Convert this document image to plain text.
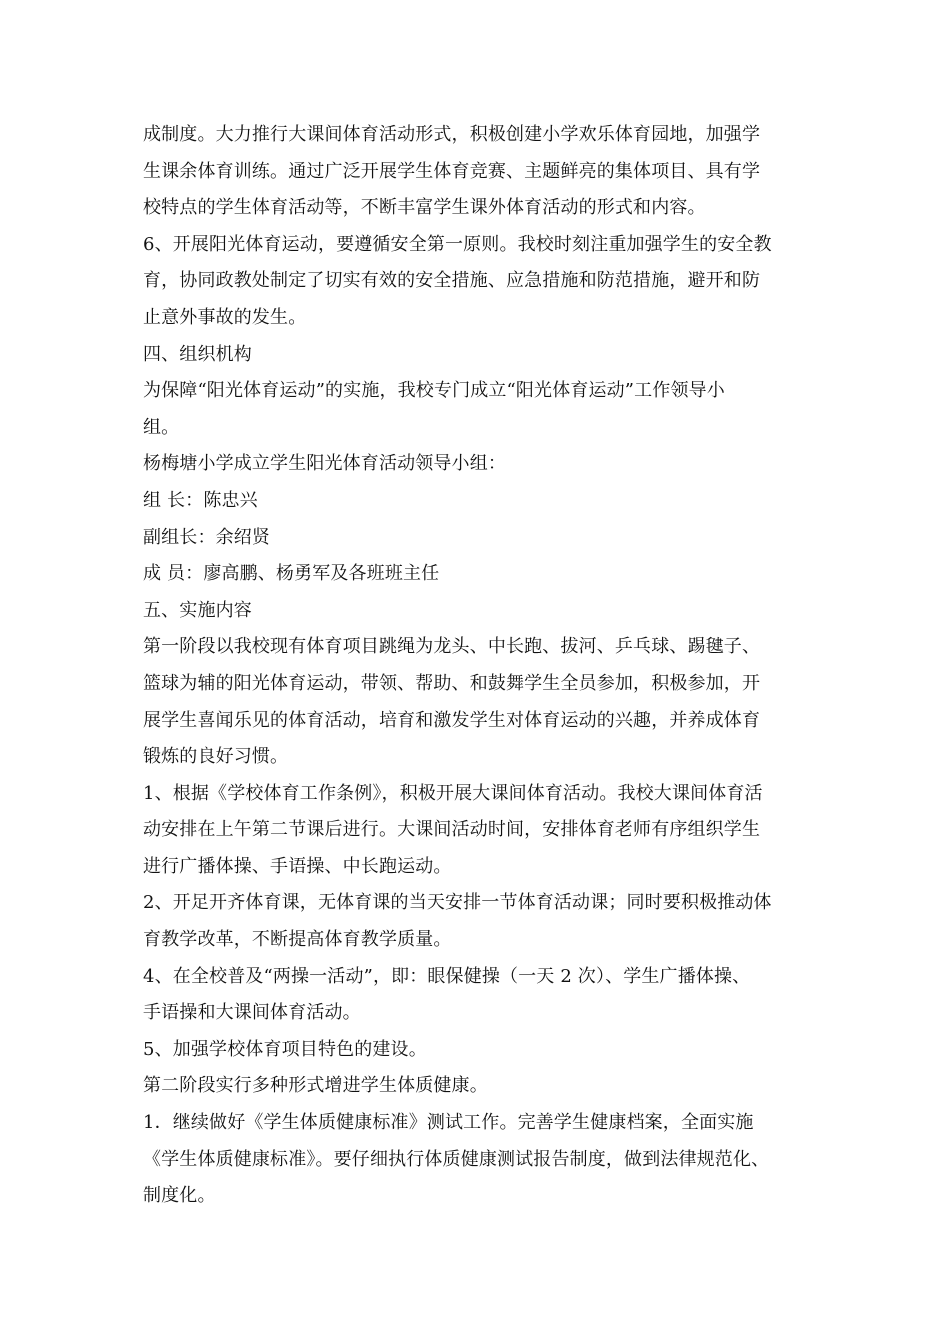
成制度。大力推行大课间体育活动形式，积极创建小学欢乐体育园地，加强学
生课余体育训练。通过广泛开展学生体育竞赛、主题鲜亮的集体项目、具有学
校特点的学生体育活动等，不断丰富学生课外体育活动的形式和内容。
6、开展阳光体育运动，要遵循安全第一原则。我校时刻注重加强学生的安全教
育，协同政教处制定了切实有效的安全措施、应急措施和防范措施，避开和防
止意外事故的发生。
四、组织机构
为保障“阳光体育运动”的实施，我校专门成立“阳光体育运动”工作领导小
组。
杨梅塘小学成立学生阳光体育活动领导小组：
组 长：陈忠兴
副组长：余绍贤
成 员：廖高鹏、杨勇军及各班班主任
五、实施内容
第一阶段以我校现有体育项目跳绳为龙头、中长跑、拔河、乒乓球、踢毽子、
篮球为辅的阳光体育运动，带领、帮助、和鼓舞学生全员参加，积极参加，开
展学生喜闻乐见的体育活动，培育和激发学生对体育运动的兴趣，并养成体育
锻炼的良好习惯。
1、根据《学校体育工作条例》，积极开展大课间体育活动。我校大课间体育活
动安排在上午第二节课后进行。大课间活动时间，安排体育老师有序组织学生
进行广播体操、手语操、中长跑运动。
2、开足开齐体育课，无体育课的当天安排一节体育活动课；同时要积极推动体
育教学改革，不断提高体育教学质量。
4、在全校普及“两操一活动”，即：眼保健操（一天 2 次）、学生广播体操、
手语操和大课间体育活动。
5、加强学校体育项目特色的建设。
第二阶段实行多种形式增进学生体质健康。
1．继续做好《学生体质健康标准》测试工作。完善学生健康档案，全面实施
《学生体质健康标准》。要仔细执行体质健康测试报告制度，做到法律规范化、
制度化。
